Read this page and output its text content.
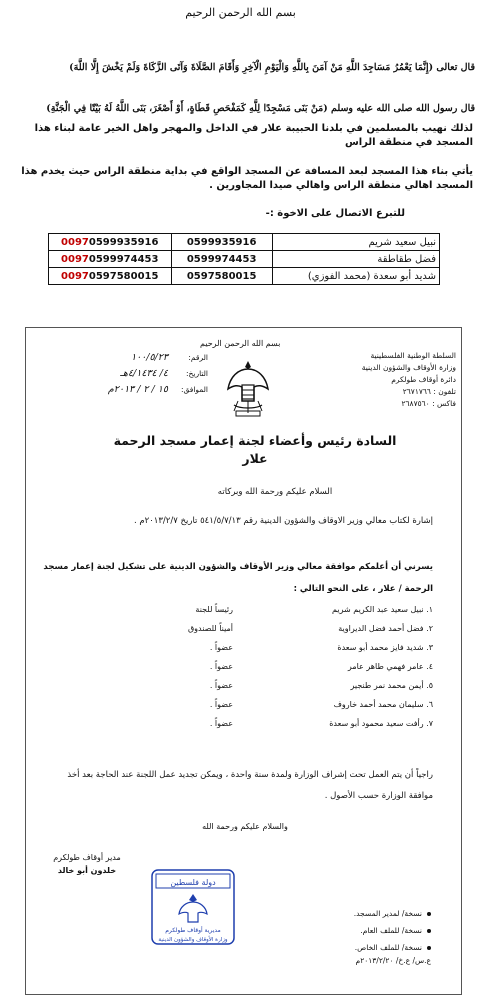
بسم الله الرحمن الرحيم
قال تعالى (إِنَّمَا يَعْمُرُ مَسَاجِدَ اللَّهِ مَنْ آمَنَ بِاللَّهِ وَالْيَوْمِ الْآخِرِ وَأَقَامَ الصَّلَاةَ وَآتَى الزَّكَاةَ وَلَمْ يَخْشَ إِلَّا اللَّهَ)
قال رسول الله صلى الله عليه وسلم (مَنْ بَنَى مَسْجِدًا لِلَّهِ كَمَفْحَصِ قَطَاةٍ، أَوْ أَصْغَرَ، بَنَى اللَّهُ لَهُ بَيْتًا فِي الْجَنَّةِ)
لذلك نهيب بالمسلمين في بلدنا الحبيبة علار في الداخل والمهجر واهل الخير عامة لبناء هذا المسجد في منطقة الراس
يأتي بناء هذا المسجد لبعد المسافة عن المسجد الواقع في بداية منطقة الراس حيث يخدم هذا المسجد اهالي منطقة الراس واهالي صيدا المجاورين .
للتبرع الاتصال على الاخوة :-
نبيل سعيد شريم	0599935916	00970599935916
فضل طقاطقة	0599974453	00970599974453
شديد أبو سعدة (محمد الفوزي)	0597580015	00970597580015
بسم الله الرحمن الرحيم
السلطة الوطنية الفلسطينية
وزارة الأوقاف والشؤون الدينية
دائرة أوقاف طولكرم
تلفون : ٢٦٧١٧٦٦
فاكس : ٢٦٨٧٥٦٠
الرقم:
١٠٠/٥/٢٣
التاريخ:
٤/ ٤/١٤٣٤هـ
الموافق:
١٥ / ٢ / ٢٠١٣م
السادة رئيس وأعضاء لجنة إعمار مسجد الرحمة
علار
السلام عليكم ورحمة الله وبركاته
إشارة لكتاب معالي وزير الاوقاف والشؤون الدينية رقم ٥٤١/٥/٧/١٣ تاريخ ٢٠١٣/٢/٧م .
يسرني أن أعلمكم موافقة معالي وزير الأوقاف والشؤون الدينية على تشكيل لجنة إعمار مسجد الرحمة / علار ، على النحو التالي :
١. نبيل سعيد عبد الكريم شريم
رئيساً للجنة
٢. فضل أحمد فضل الديراوية
أميناً للصندوق
٣. شديد فايز محمد أبو سعدة
عضواً .
٤. عامر فهمي طاهر عامر
عضواً .
٥. أيمن محمد نمر طنجير
عضواً .
٦. سليمان محمد أحمد خاروف
عضواً .
٧. رأفت سعيد محمود أبو سعدة
عضواً .
راجياً أن يتم العمل تحت إشراف الوزارة ولمدة سنة واحدة ، ويمكن تجديد عمل اللجنة عند الحاجة بعد أخذ موافقة الوزارة حسب الأصول .
والسلام عليكم ورحمة الله
مدير أوقاف طولكرم
خلدون أبو خالد
دولة فلسطين
مديرية أوقاف طولكرم
وزارة الأوقاف والشؤون الدينية
نسخة/ لمدير المسجد.
نسخة/ للملف العام.
نسخة/ للملف الخاص.
ع.س/ ع.خ/ ٢٠١٣/٢/٢٠م
